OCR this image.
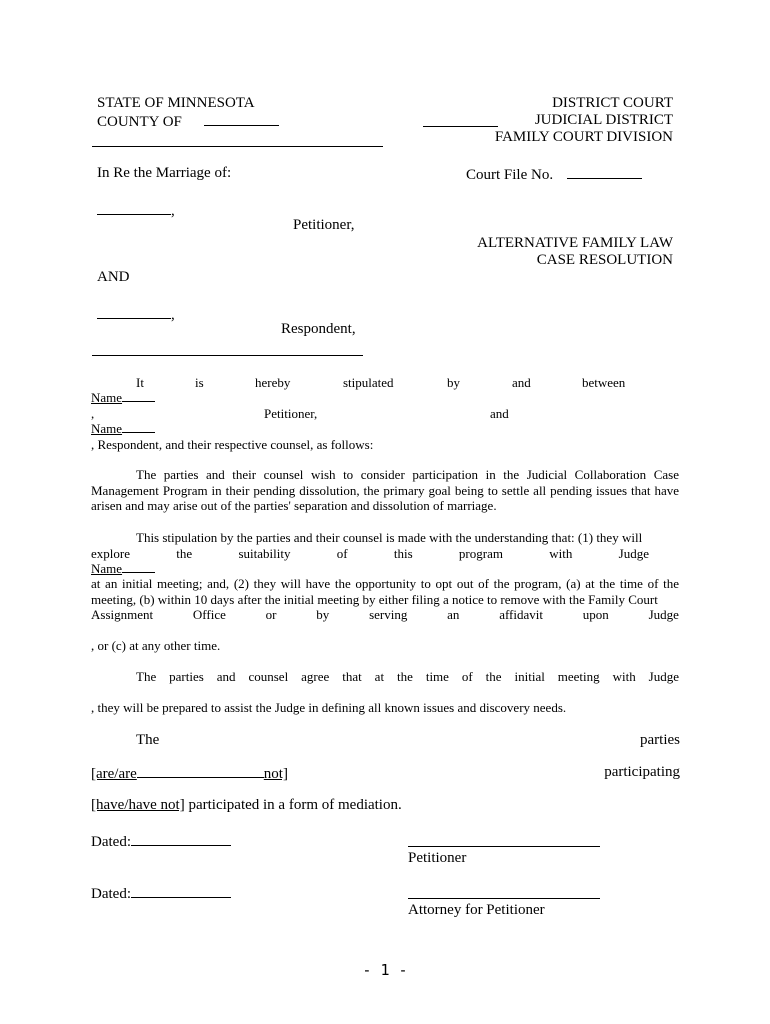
STATE OF MINNESOTA
COUNTY OF
DISTRICT COURT
JUDICIAL DISTRICT
FAMILY COURT DIVISION
In Re the Marriage of:	Court File No.
,
Petitioner,
ALTERNATIVE FAMILY LAW
CASE RESOLUTION
AND
,
Respondent,
It	is	hereby	stipulated	by	and	between
Name
,	Petitioner,	and
Name
, Respondent, and their respective counsel, as follows:
The parties and their counsel wish to consider participation in the Judicial Collaboration Case Management Program in their pending dissolution, the primary goal being to settle all pending issues that have arisen and may arise out of the parties' separation and dissolution of marriage.
This stipulation by the parties and their counsel is made with the understanding that: (1) they will
explore	the	suitability	of	this	program	with	Judge
Name
at an initial meeting; and, (2) they will have the opportunity to opt out of the program, (a) at the time of the meeting, (b) within 10 days after the initial meeting by either filing a notice to remove with the Family Court
Assignment	Office	or	by	serving	an	affidavit	upon	Judge
, or (c) at any other time.
The parties and counsel agree that at the time of the initial meeting with Judge
, they will be prepared to assist the Judge in defining all known issues and discovery needs.
The	parties
[are/are	not]	participating
[have/have not] participated in a form of mediation.
Dated:
Petitioner
Dated:
Attorney for Petitioner
- 1 -
